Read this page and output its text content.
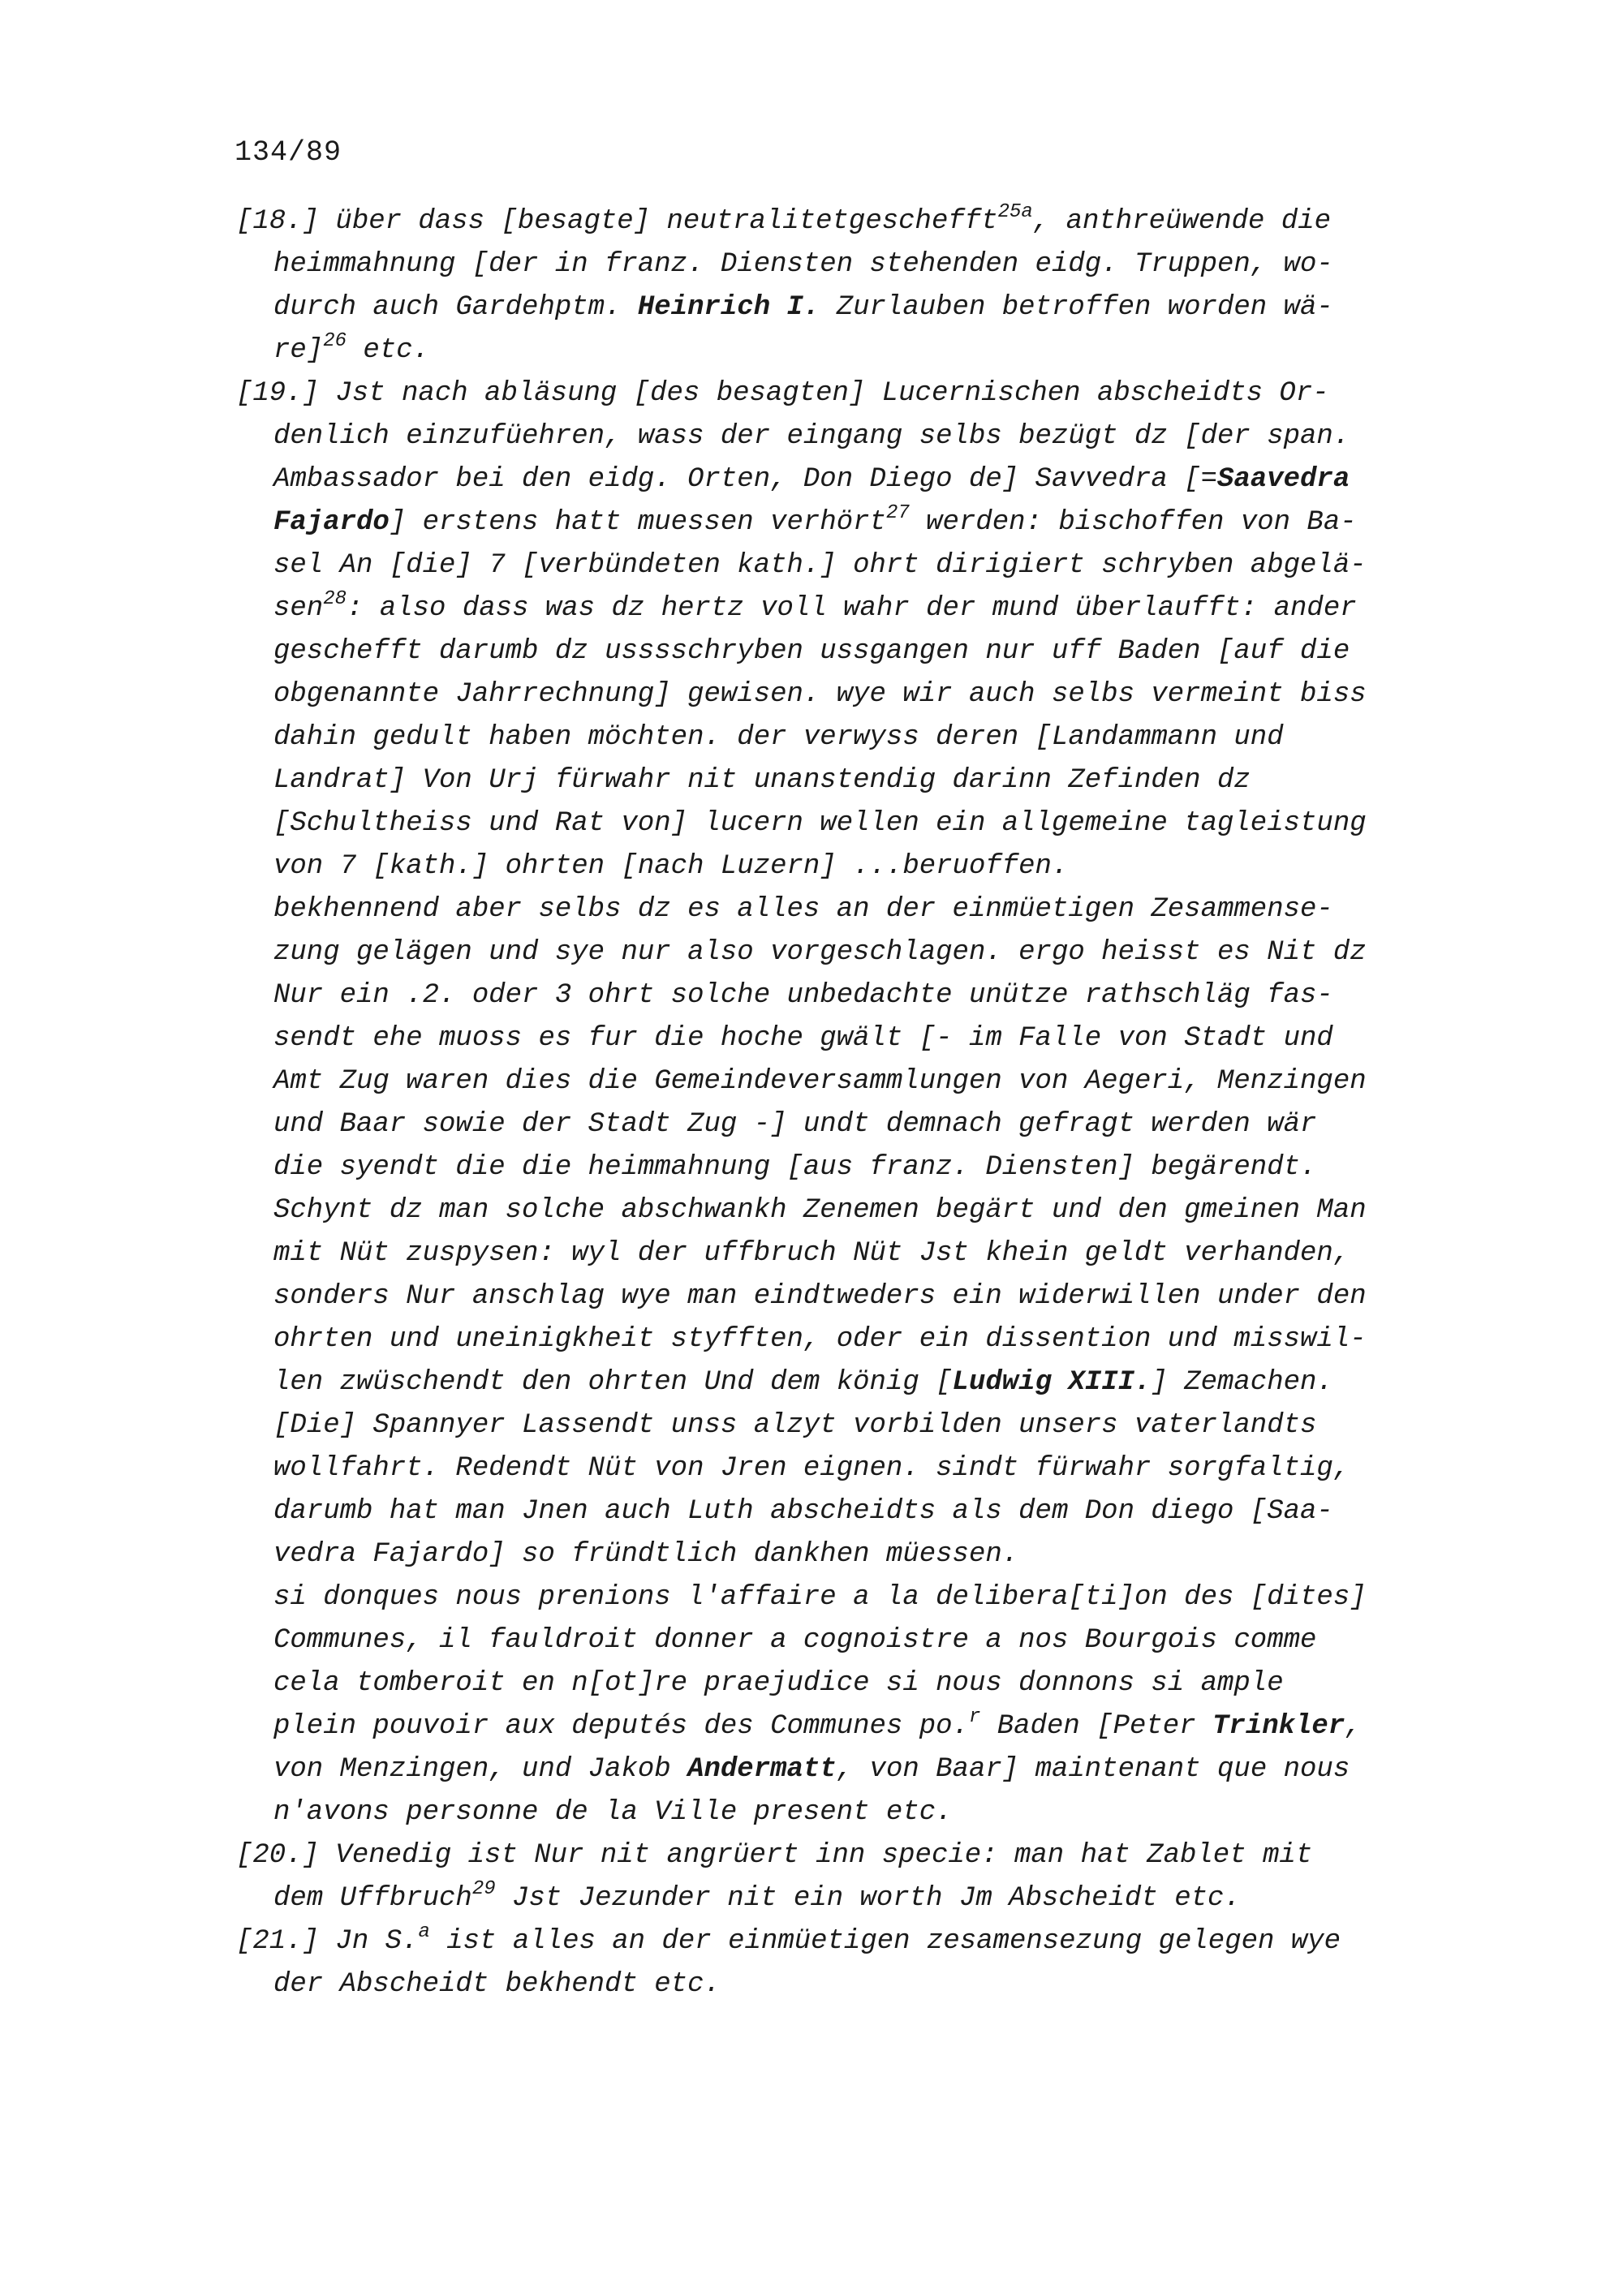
134/89
[18.] über dass [besagte] neutralitetgeschefft$^{25a}$, anthreüwende die
heimmahnung [der in franz. Diensten stehenden eidg. Truppen, wo-
durch auch Gardehptm. Heinrich I. Zurlauben betroffen worden wä-
re]$^{26}$ etc.
[19.] Jst nach abläsung [des besagten] Lucernischen abscheidts Or-
denlich einzufüehren, wass der eingang selbs bezügt dz [der span.
Ambassador bei den eidg. Orten, Don Diego de] Savvedra [=Saavedra
Fajardo] erstens hatt muessen verhört$^{27}$ werden: bischoffen von Ba-
sel An [die] 7 [verbündeten kath.] ohrt dirigiert schryben abgelä-
sen$^{28}$: also dass was dz hertz voll wahr der mund überlaufft: ander
geschefft darumb dz usssschryben ussgangen nur uff Baden [auf die
obgenannte Jahrrechnung] gewisen. wye wir auch selbs vermeint biss
dahin gedult haben möchten. der verwyss deren [Landammann und
Landrat] Von Urj fürwahr nit unanstendig darinn Zefinden dz
[Schultheiss und Rat von] lucern wellen ein allgemeine tagleistung
von 7 [kath.] ohrten [nach Luzern] ...beruoffen.
bekhennend aber selbs dz es alles an der einmüetigen Zesammense-
zung gelägen und sye nur also vorgeschlagen. ergo heisst es Nit dz
Nur ein .2. oder 3 ohrt solche unbedachte unütze rathschläg fas-
sendt ehe muoss es fur die hoche gwält [- im Falle von Stadt und
Amt Zug waren dies die Gemeindeversammlungen von Aegeri, Menzingen
und Baar sowie der Stadt Zug -] undt demnach gefragt werden wär
die syendt die die heimmahnung [aus franz. Diensten] begärendt.
Schynt dz man solche abschwankh Zenemen begärt und den gmeinen Man
mit Nüt zuspysen: wyl der uffbruch Nüt Jst khein geldt verhanden,
sonders Nur anschlag wye man eindtweders ein widerwillen under den
ohrten und uneinigkheit styfften, oder ein dissention und misswil-
len zwüschendt den ohrten Und dem könig [Ludwig XIII.] Zemachen.
[Die] Spannyer Lassendt unss alzyt vorbilden unsers vaterlandts
wollfahrt. Redendt Nüt von Jren eignen. sindt fürwahr sorgfaltig,
darumb hat man Jnen auch Luth abscheidts als dem Don diego [Saa-
vedra Fajardo] so fründtlich dankhen müessen.
si donques nous prenions l'affaire a la delibera[ti]on des [dites]
Communes, il fauldroit donner a cognoistre a nos Bourgois comme
cela tomberoit en n[ot]re praejudice si nous donnons si ample
plein pouvoir aux deputés des Communes po.$^r$ Baden [Peter Trinkler,
von Menzingen, und Jakob Andermatt, von Baar] maintenant que nous
n'avons personne de la Ville present etc.
[20.] Venedig ist Nur nit angrüert inn specie: man hat Zablet mit
dem Uffbruch$^{29}$ Jst Jezunder nit ein worth Jm Abscheidt etc.
[21.] Jn S.$^a$ ist alles an der einmüetigen zesamensezung gelegen wye
der Abscheidt bekhendt etc.
